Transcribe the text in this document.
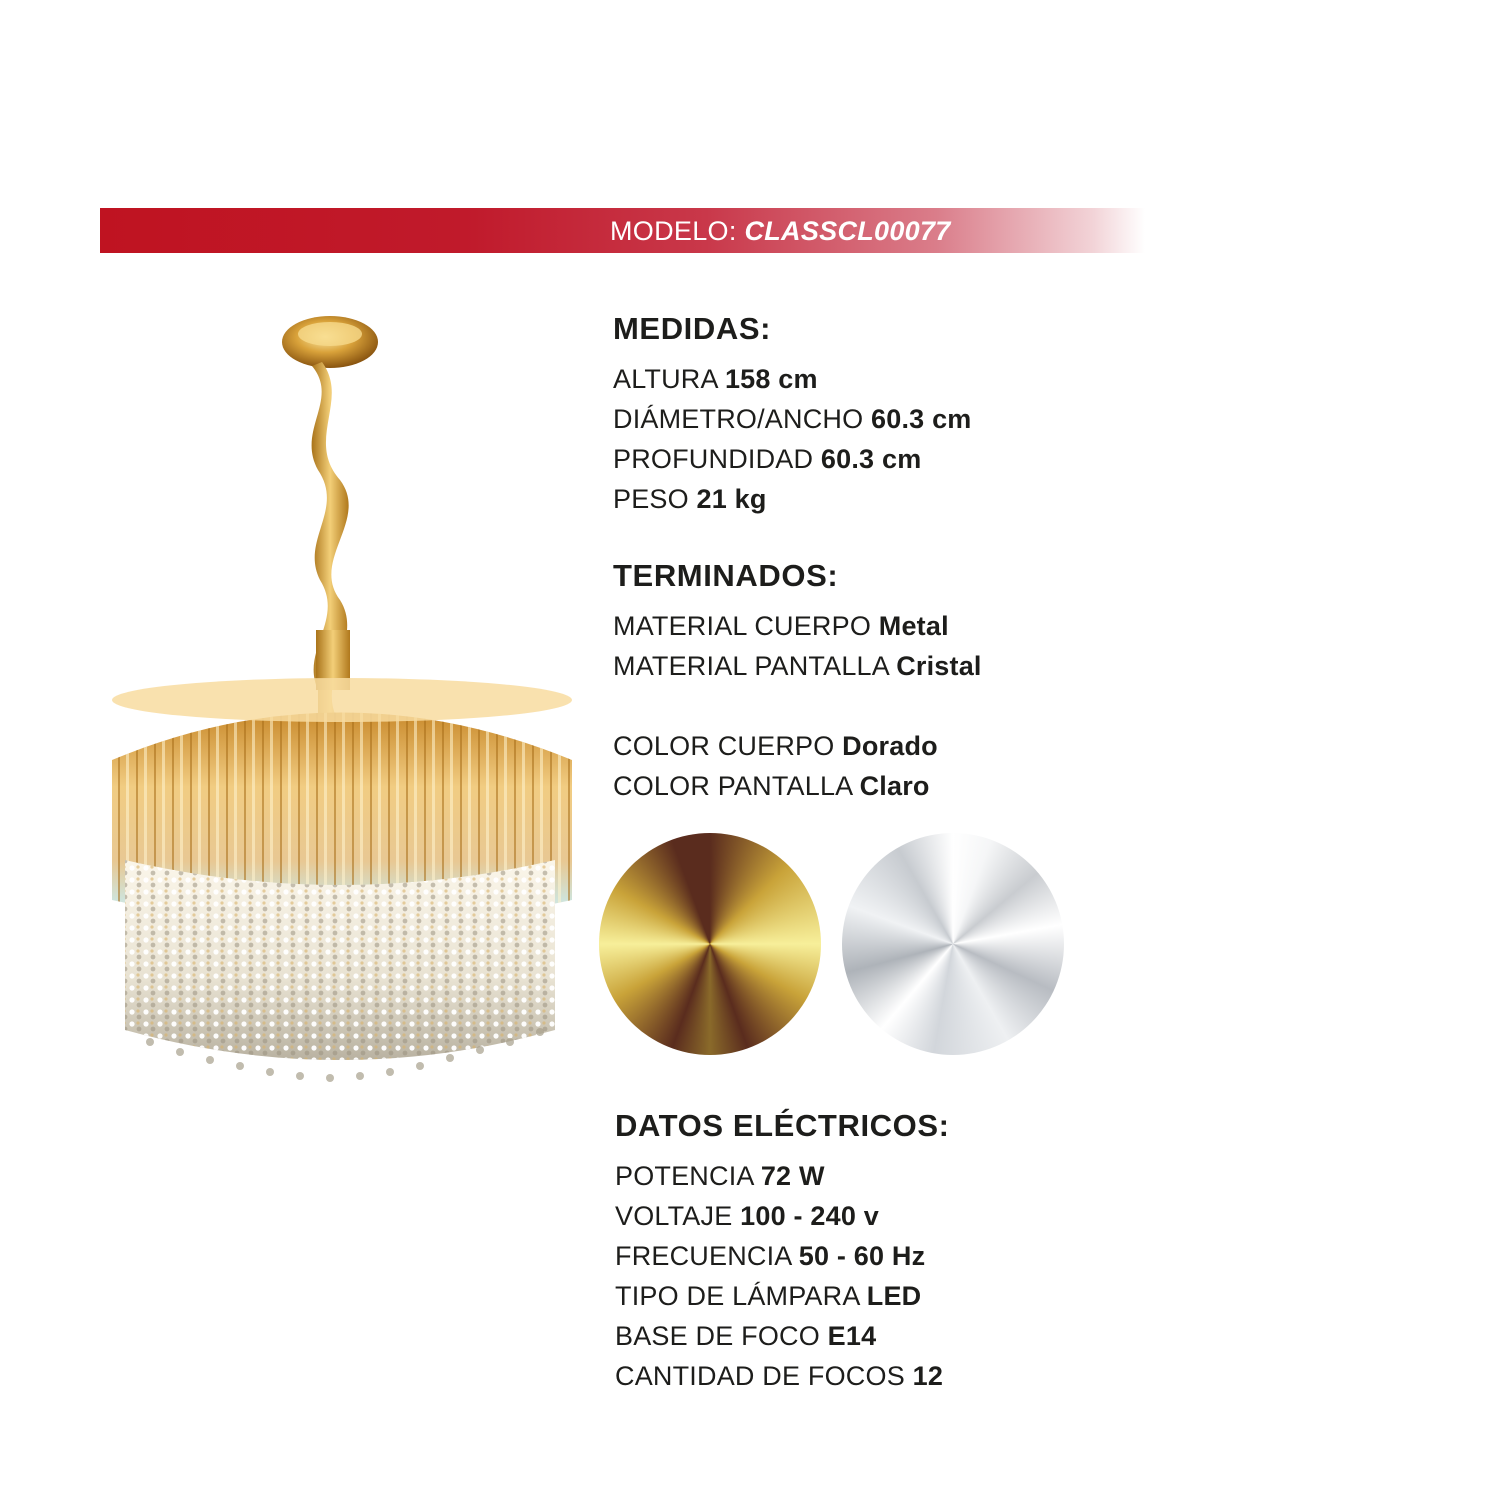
MODELO: CLASSCL00077
MEDIDAS:
ALTURA 158 cm
DIÁMETRO/ANCHO 60.3 cm
PROFUNDIDAD 60.3 cm
PESO 21 kg
TERMINADOS:
MATERIAL CUERPO Metal
MATERIAL PANTALLA Cristal
COLOR CUERPO Dorado
COLOR PANTALLA Claro
DATOS ELÉCTRICOS:
POTENCIA 72 W
VOLTAJE 100 - 240 v
FRECUENCIA 50 - 60 Hz
TIPO DE LÁMPARA LED
BASE DE FOCO E14
CANTIDAD DE FOCOS 12
